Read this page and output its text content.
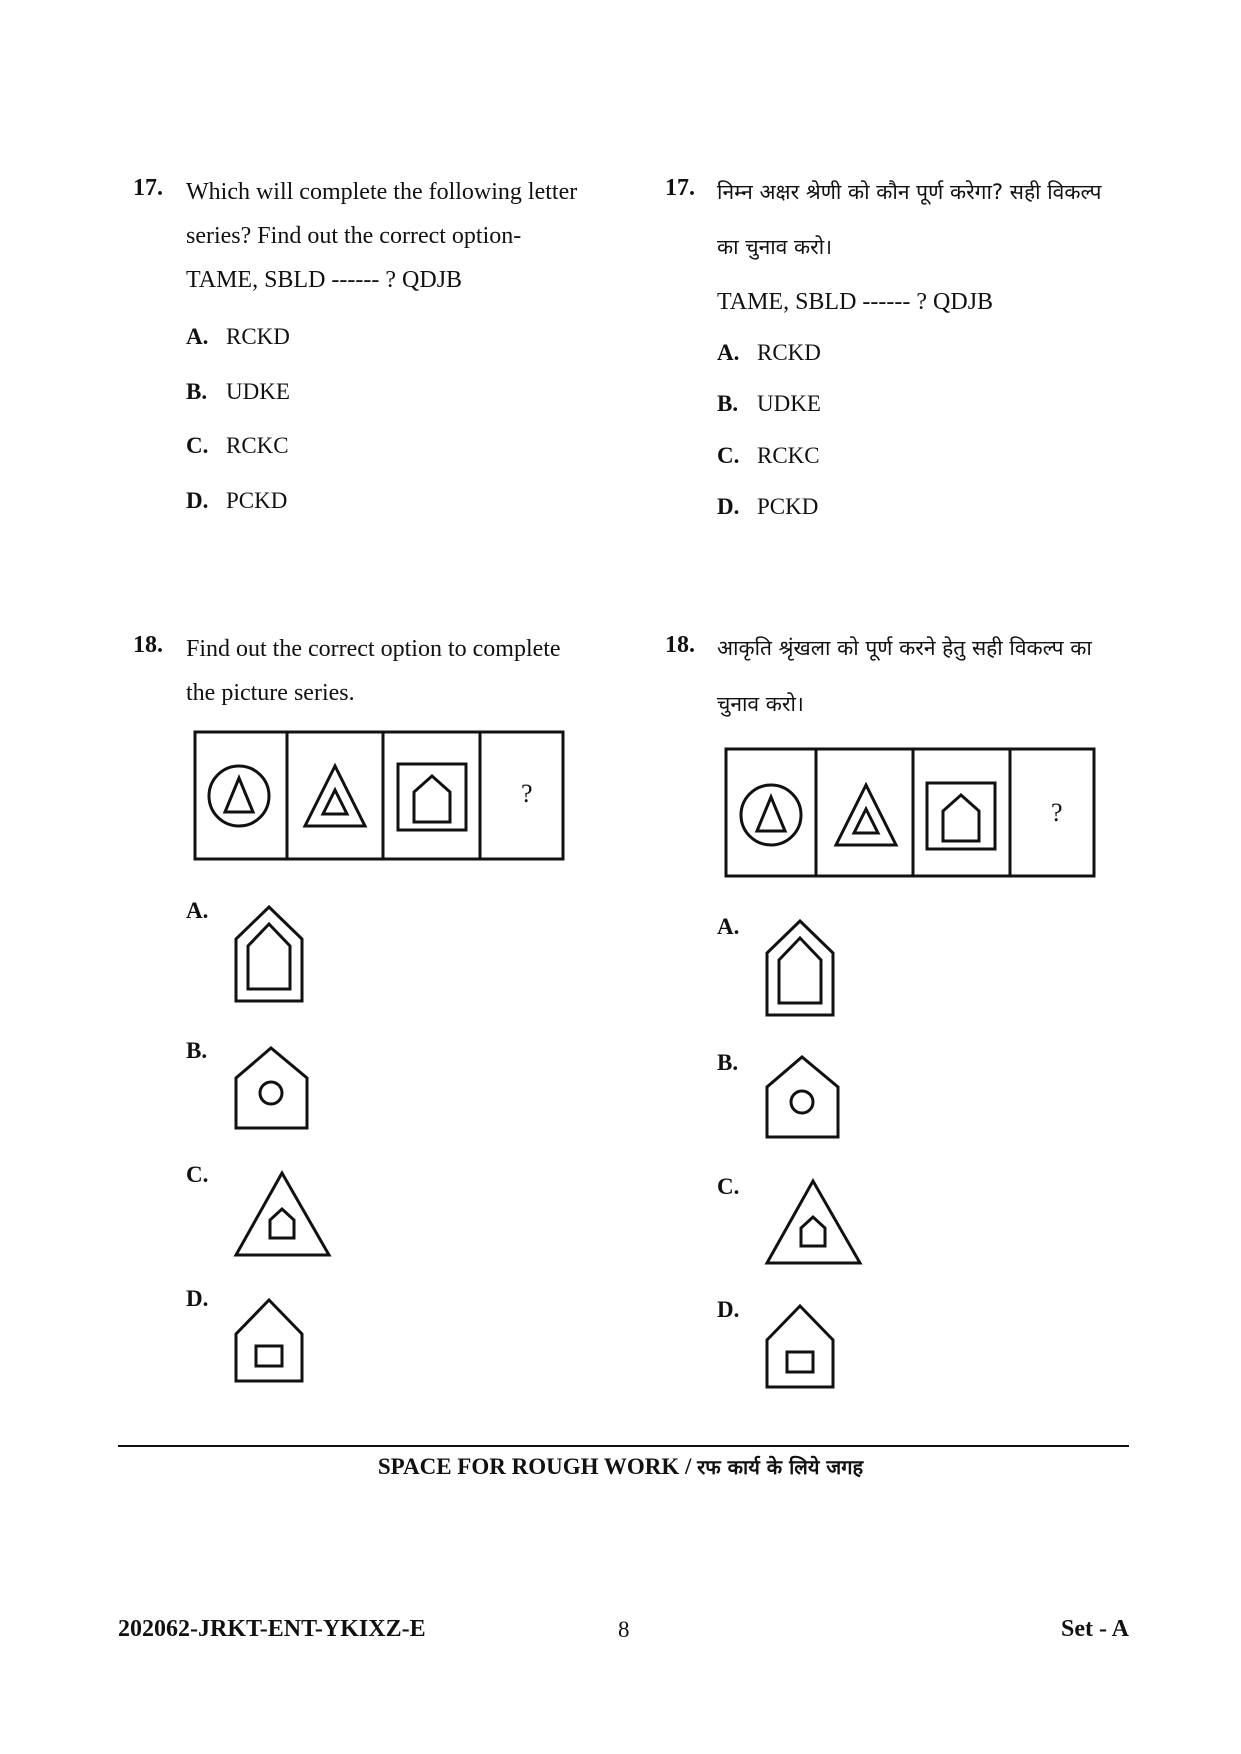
17. Which will complete the following letter
series? Find out the correct option-
TAME, SBLD ------ ? QDJB
A. RCKD
B. UDKE
C. RCKC
D. PCKD
18. Find out the correct option to complete
the picture series.
?
A.
B.
C.
D.
17. निम्न अक्षर श्रेणी को कौन पूर्ण करेगा? सही विकल्प
का चुनाव करो।
TAME, SBLD ------ ? QDJB
A. RCKD
B. UDKE
C. RCKC
D. PCKD
18. आकृति श्रृंखला को पूर्ण करने हेतु सही विकल्प का
चुनाव करो।
?
A.
B.
C.
D.
SPACE FOR ROUGH WORK / रफ कार्य के लिये जगह
202062-JRKT-ENT-YKIXZ-E	8	Set - A
